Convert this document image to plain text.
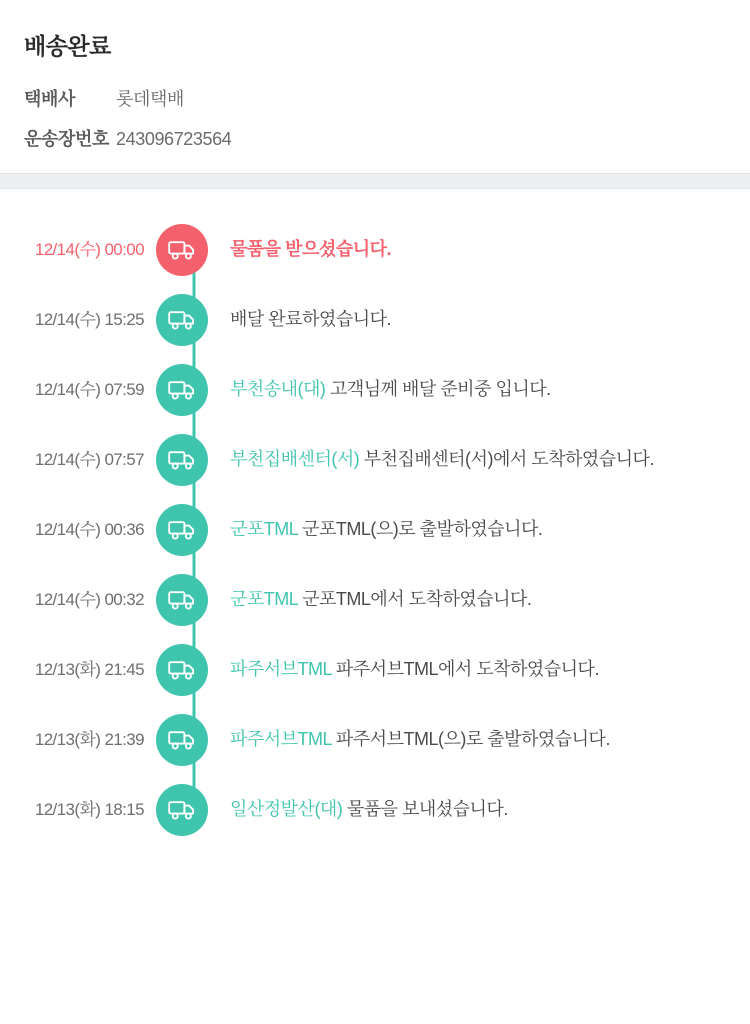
배송완료
택배사	롯데택배
운송장번호 243096723564
12/14(수) 00:00	물품을 받으셨습니다.
12/14(수) 15:25	배달 완료하였습니다.
12/14(수) 07:59	부천송내(대) 고객님께 배달 준비중 입니다.
12/14(수) 07:57	부천집배센터(서) 부천집배센터(서)에서 도착하였습니다.
12/14(수) 00:36	군포TML 군포TML(으)로 출발하였습니다.
12/14(수) 00:32	군포TML 군포TML에서 도착하였습니다.
12/13(화) 21:45	파주서브TML 파주서브TML에서 도착하였습니다.
12/13(화) 21:39	파주서브TML 파주서브TML(으)로 출발하였습니다.
12/13(화) 18:15	일산정발산(대) 물품을 보내셨습니다.
